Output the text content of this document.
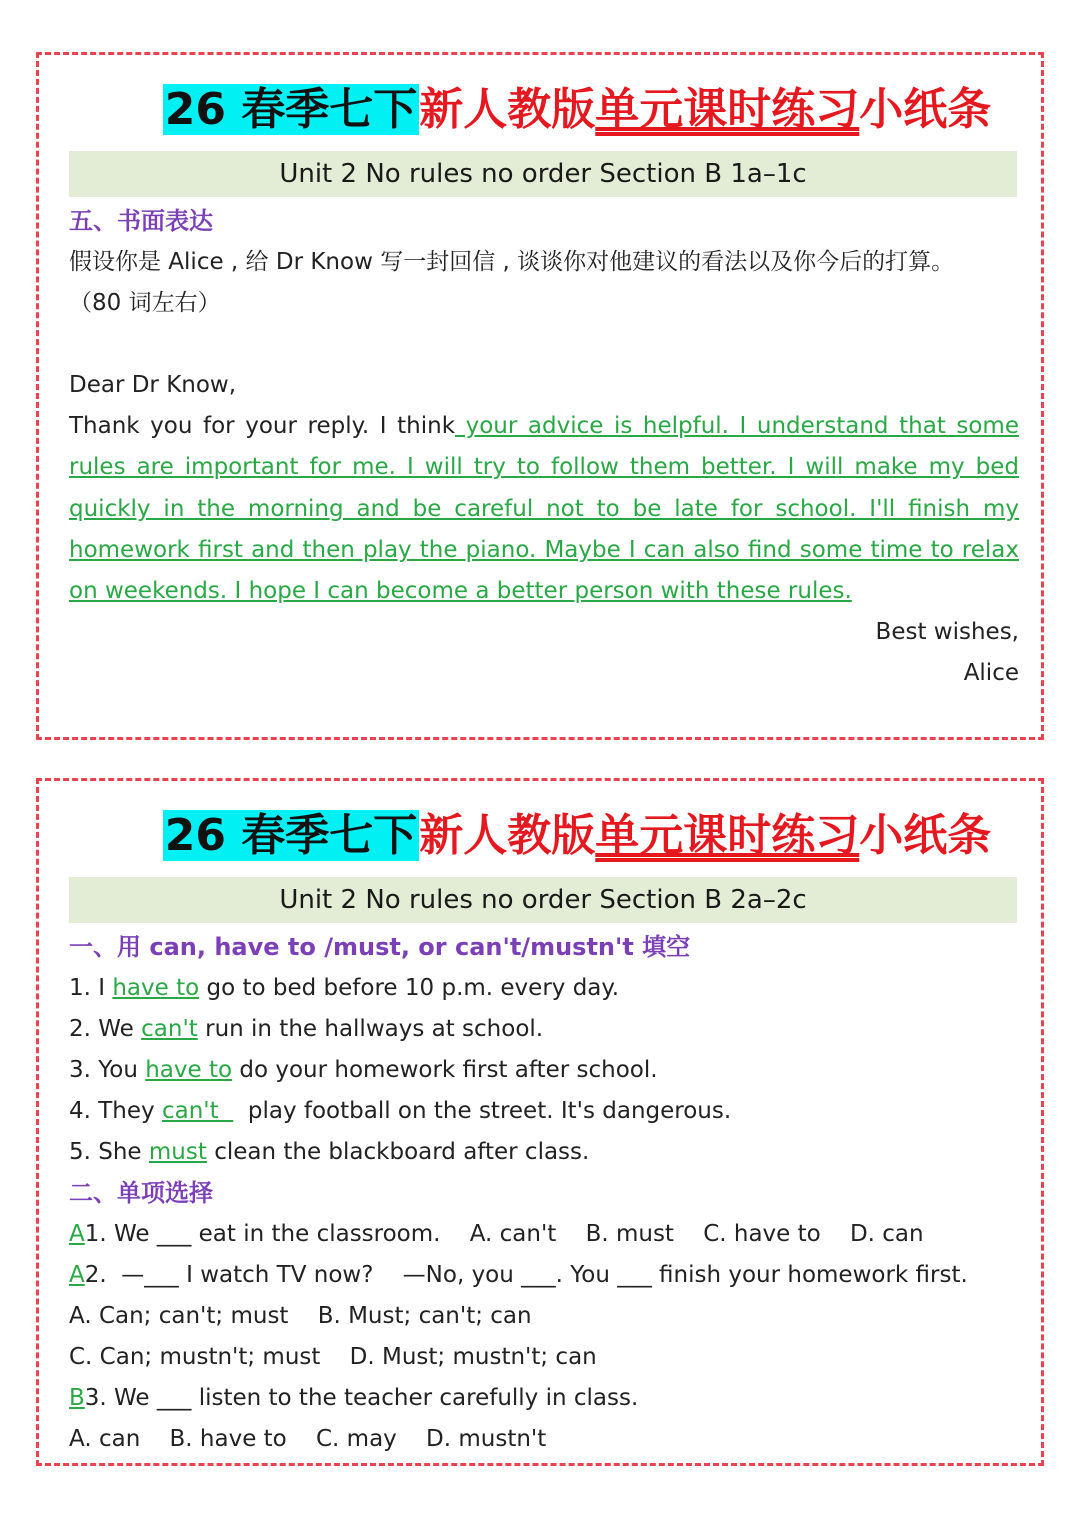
26 春季七下新人教版单元课时练习小纸条
Unit 2 No rules no order Section B 1a–1c
五、书面表达
假设你是 Alice , 给 Dr Know 写一封回信 , 谈谈你对他建议的看法以及你今后的打算。
（80 词左右）
Dear Dr Know,
Thank you for your reply. I think your advice is helpful. I understand that some rules are important for me. I will try to follow them better. I will make my bed quickly in the morning and be careful not to be late for school. I'll finish my homework first and then play the piano. Maybe I can also find some time to relax on weekends. I hope I can become a better person with these rules.
Best wishes,
Alice
26 春季七下新人教版单元课时练习小纸条
Unit 2 No rules no order Section B 2a–2c
一、用 can, have to /must, or can't/mustn't 填空
1. I have to go to bed before 10 p.m. every day.
2. We can't run in the hallways at school.
3. You have to do your homework first after school.
4. They can't    play football on the street. It's dangerous.
5. She must clean the blackboard after class.
二、单项选择
A1. We ___ eat in the classroom.    A. can't    B. must    C. have to    D. can
A2.  —___ I watch TV now?    —No, you ___. You ___ finish your homework first.
A. Can; can't; must    B. Must; can't; can
C. Can; mustn't; must    D. Must; mustn't; can
B3. We ___ listen to the teacher carefully in class.
A. can    B. have to    C. may    D. mustn't
